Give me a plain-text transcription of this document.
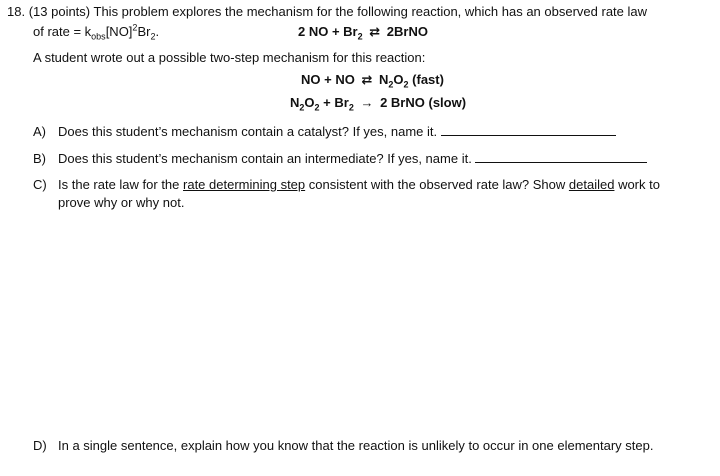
18. (13 points) This problem explores the mechanism for the following reaction, which has an observed rate law
of rate = $k_{obs}[NO]^2Br_2$.	2 NO + $Br_2$ ⇄ 2BrNO
A student wrote out a possible two-step mechanism for this reaction:
NO + NO ⇄ $N_2O_2$ (fast)
$N_2O_2 + Br_2 \to 2$ BrNO (slow)
A) Does this student’s mechanism contain a catalyst? If yes, name it.
B) Does this student’s mechanism contain an intermediate? If yes, name it.
C) Is the rate law for the rate determining step consistent with the observed rate law? Show detailed work to
prove why or why not.
D) In a single sentence, explain how you know that the reaction is unlikely to occur in one elementary step.
